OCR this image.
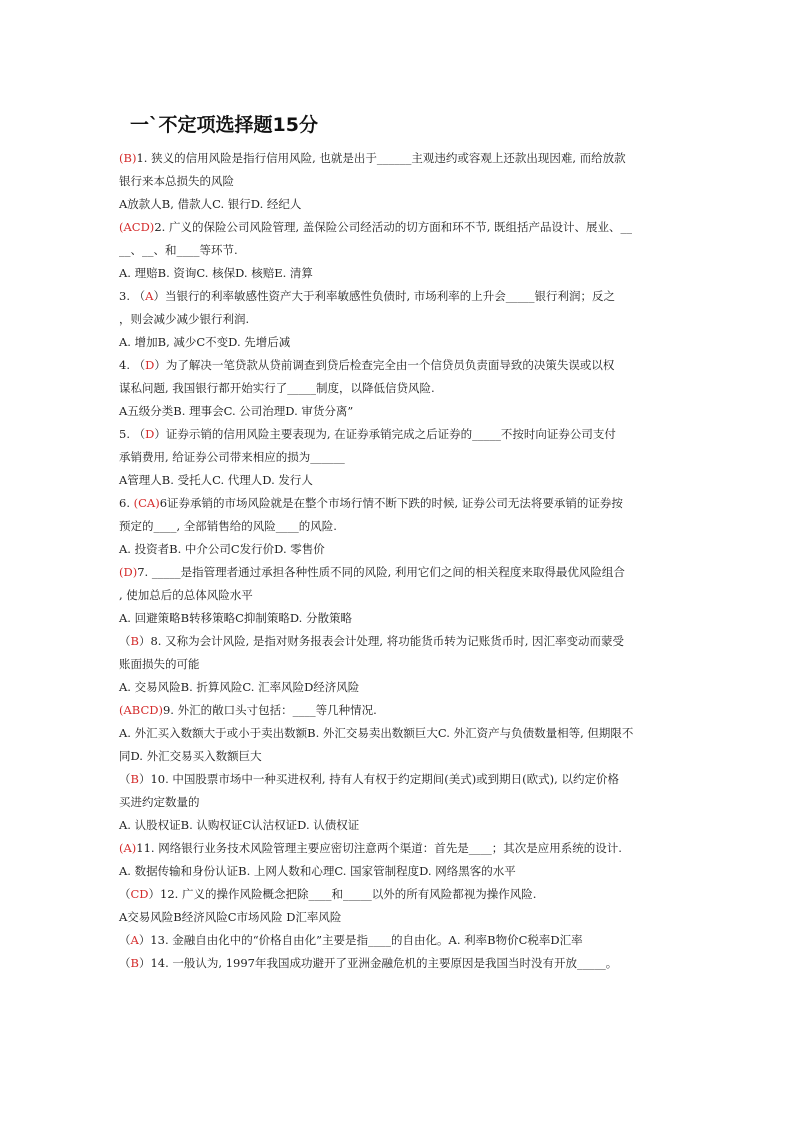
一`不定项选择题15分
(B)1. 狭义的信用风险是指行信用风险, 也就是出于______主观违约或容观上还款出现因难, 而给放款
银行来本总损失的风险
A放款人B, 借款人C. 银行D. 经纪人
(ACD)2. 广义的保险公司风险管理, 盖保险公司经活动的切方面和环不节, 既组括产品设计、展业、__
__、__、和____等环节.
A. 理赔B. 资询C. 核保D. 核赔E. 清算
3. （A）当银行的利率敏感性资产大于利率敏感性负债时, 市场利率的上升会_____银行利润；反之
，则会减少减少银行利润.
A. 增加B, 减少C不变D. 先增后减
4. （D）为了解决一笔贷款从贷前调查到贷后检查完全由一个信贷员负责面导致的决策失误或以权
谋私问题, 我国银行都开始实行了_____制度，以降低信贷风险.
A五级分类B. 理事会C. 公司治理D. 审货分离”
5. （D）证券示销的信用风险主要表现为, 在证券承销完成之后证券的_____不按时向证券公司支付
承销费用, 给证券公司带来相应的损为______
A管理人B. 受托人C. 代理人D. 发行人
6. (CA)6证券承销的市场风险就是在整个市场行情不断下跌的时候, 证券公司无法将要承销的证券按
预定的____, 全部销售给的风险____的风险.
A. 投资者B. 中介公司C发行价D. 零售价
(D)7. _____是指管理者通过承担各种性质不同的风险, 利用它们之间的相关程度来取得最优风险组合
, 使加总后的总体风险水平
A. 回避策略B转移策略C抑制策略D. 分散策略
（B）8. 又称为会计风险, 是指对财务报表会计处理, 将功能货币转为记账货币时, 因汇率变动而蒙受
账面损失的可能
A. 交易风险B. 折算风险C. 汇率风险D经济风险
(ABCD)9. 外汇的敞口头寸包括：____等几种情况.
A. 外汇买入数额大于或小于卖出数额B. 外汇交易卖出数额巨大C. 外汇资产与负债数量相等, 但期限不
同D. 外汇交易买入数额巨大
（B）10. 中国股票市场中一种买进权利, 持有人有权于约定期间(美式)或到期日(欧式), 以约定价格
买进约定数量的
A. 认股权证B. 认购权证C认沽权证D. 认债权证
(A)11. 网络银行业务技术风险管理主要应密切注意两个渠道：首先是____；其次是应用系统的设计.
A. 数据传输和身份认证B. 上网人数和心理C. 国家管制程度D. 网络黑客的水平
（CD）12. 广义的操作风险概念把除____和_____以外的所有风险都视为操作风险.
A交易风险B经济风险C市场风险 D汇率风险
（A）13. 金融自由化中的“价格自由化”主要是指____的自由化。A. 利率B物价C税率D汇率
（B）14. 一般认为, 1997年我国成功避开了亚洲金融危机的主要原因是我国当时没有开放_____。
